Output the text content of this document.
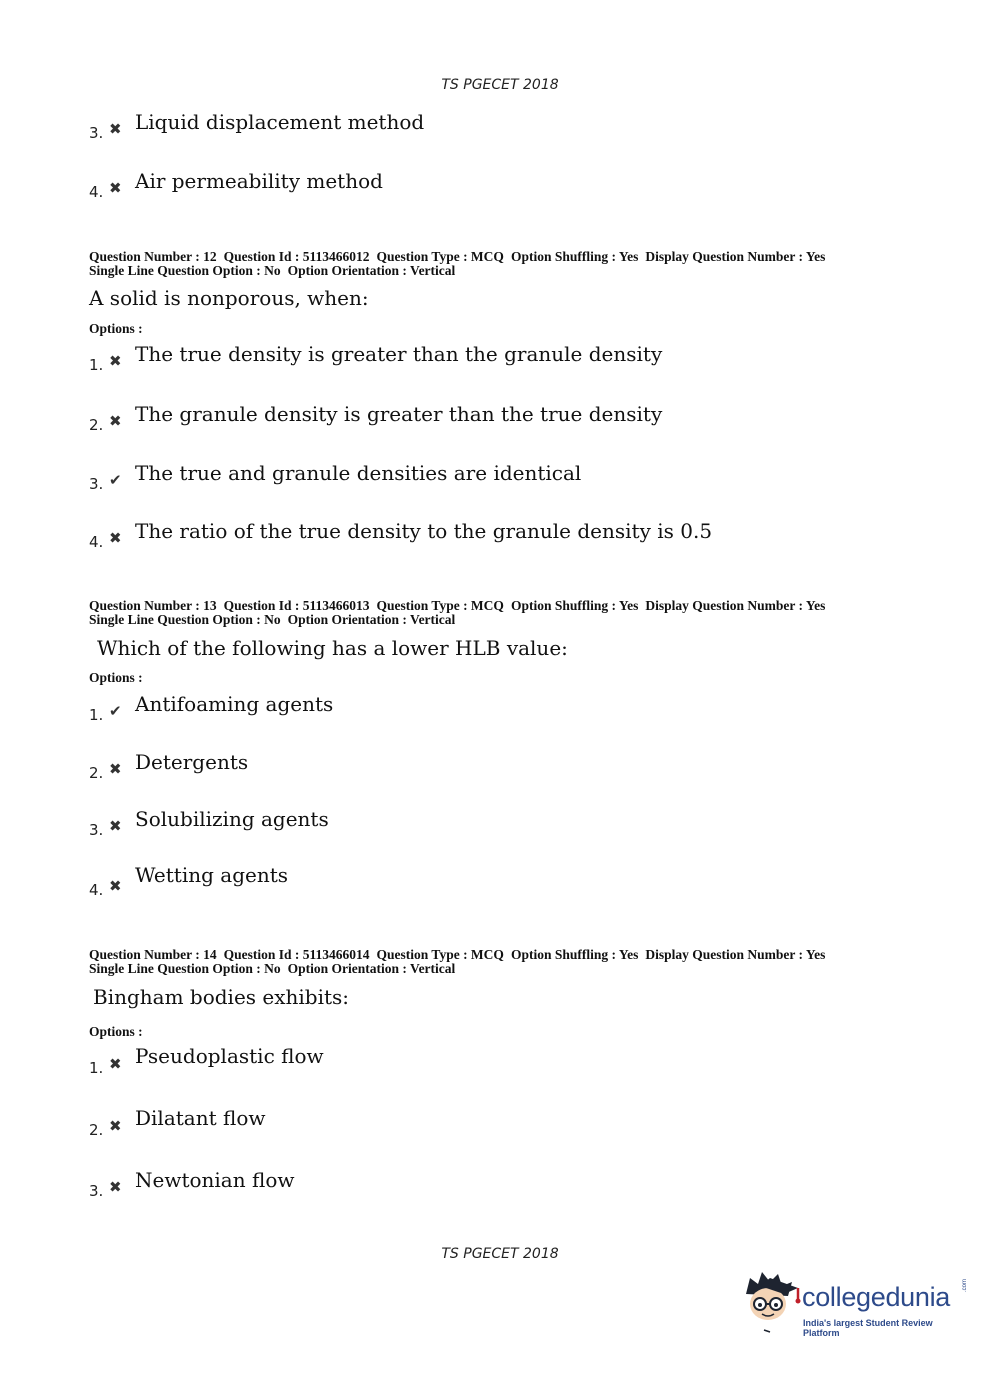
TS PGECET 2018
3. ✖ Liquid displacement method
4. ✖ Air permeability method
Question Number : 12 Question Id : 5113466012 Question Type : MCQ Option Shuffling : Yes Display Question Number : Yes
Single Line Question Option : No Option Orientation : Vertical
A solid is nonporous, when:
Options :
1. ✖ The true density is greater than the granule density
2. ✖ The granule density is greater than the true density
3. ✔ The true and granule densities are identical
4. ✖ The ratio of the true density to the granule density is 0.5
Question Number : 13 Question Id : 5113466013 Question Type : MCQ Option Shuffling : Yes Display Question Number : Yes
Single Line Question Option : No Option Orientation : Vertical
Which of the following has a lower HLB value:
Options :
1. ✔ Antifoaming agents
2. ✖ Detergents
3. ✖ Solubilizing agents
4. ✖ Wetting agents
Question Number : 14 Question Id : 5113466014 Question Type : MCQ Option Shuffling : Yes Display Question Number : Yes
Single Line Question Option : No Option Orientation : Vertical
Bingham bodies exhibits:
Options :
1. ✖ Pseudoplastic flow
2. ✖ Dilatant flow
3. ✖ Newtonian flow
TS PGECET 2018
collegedunia .com
India's largest Student Review Platform
